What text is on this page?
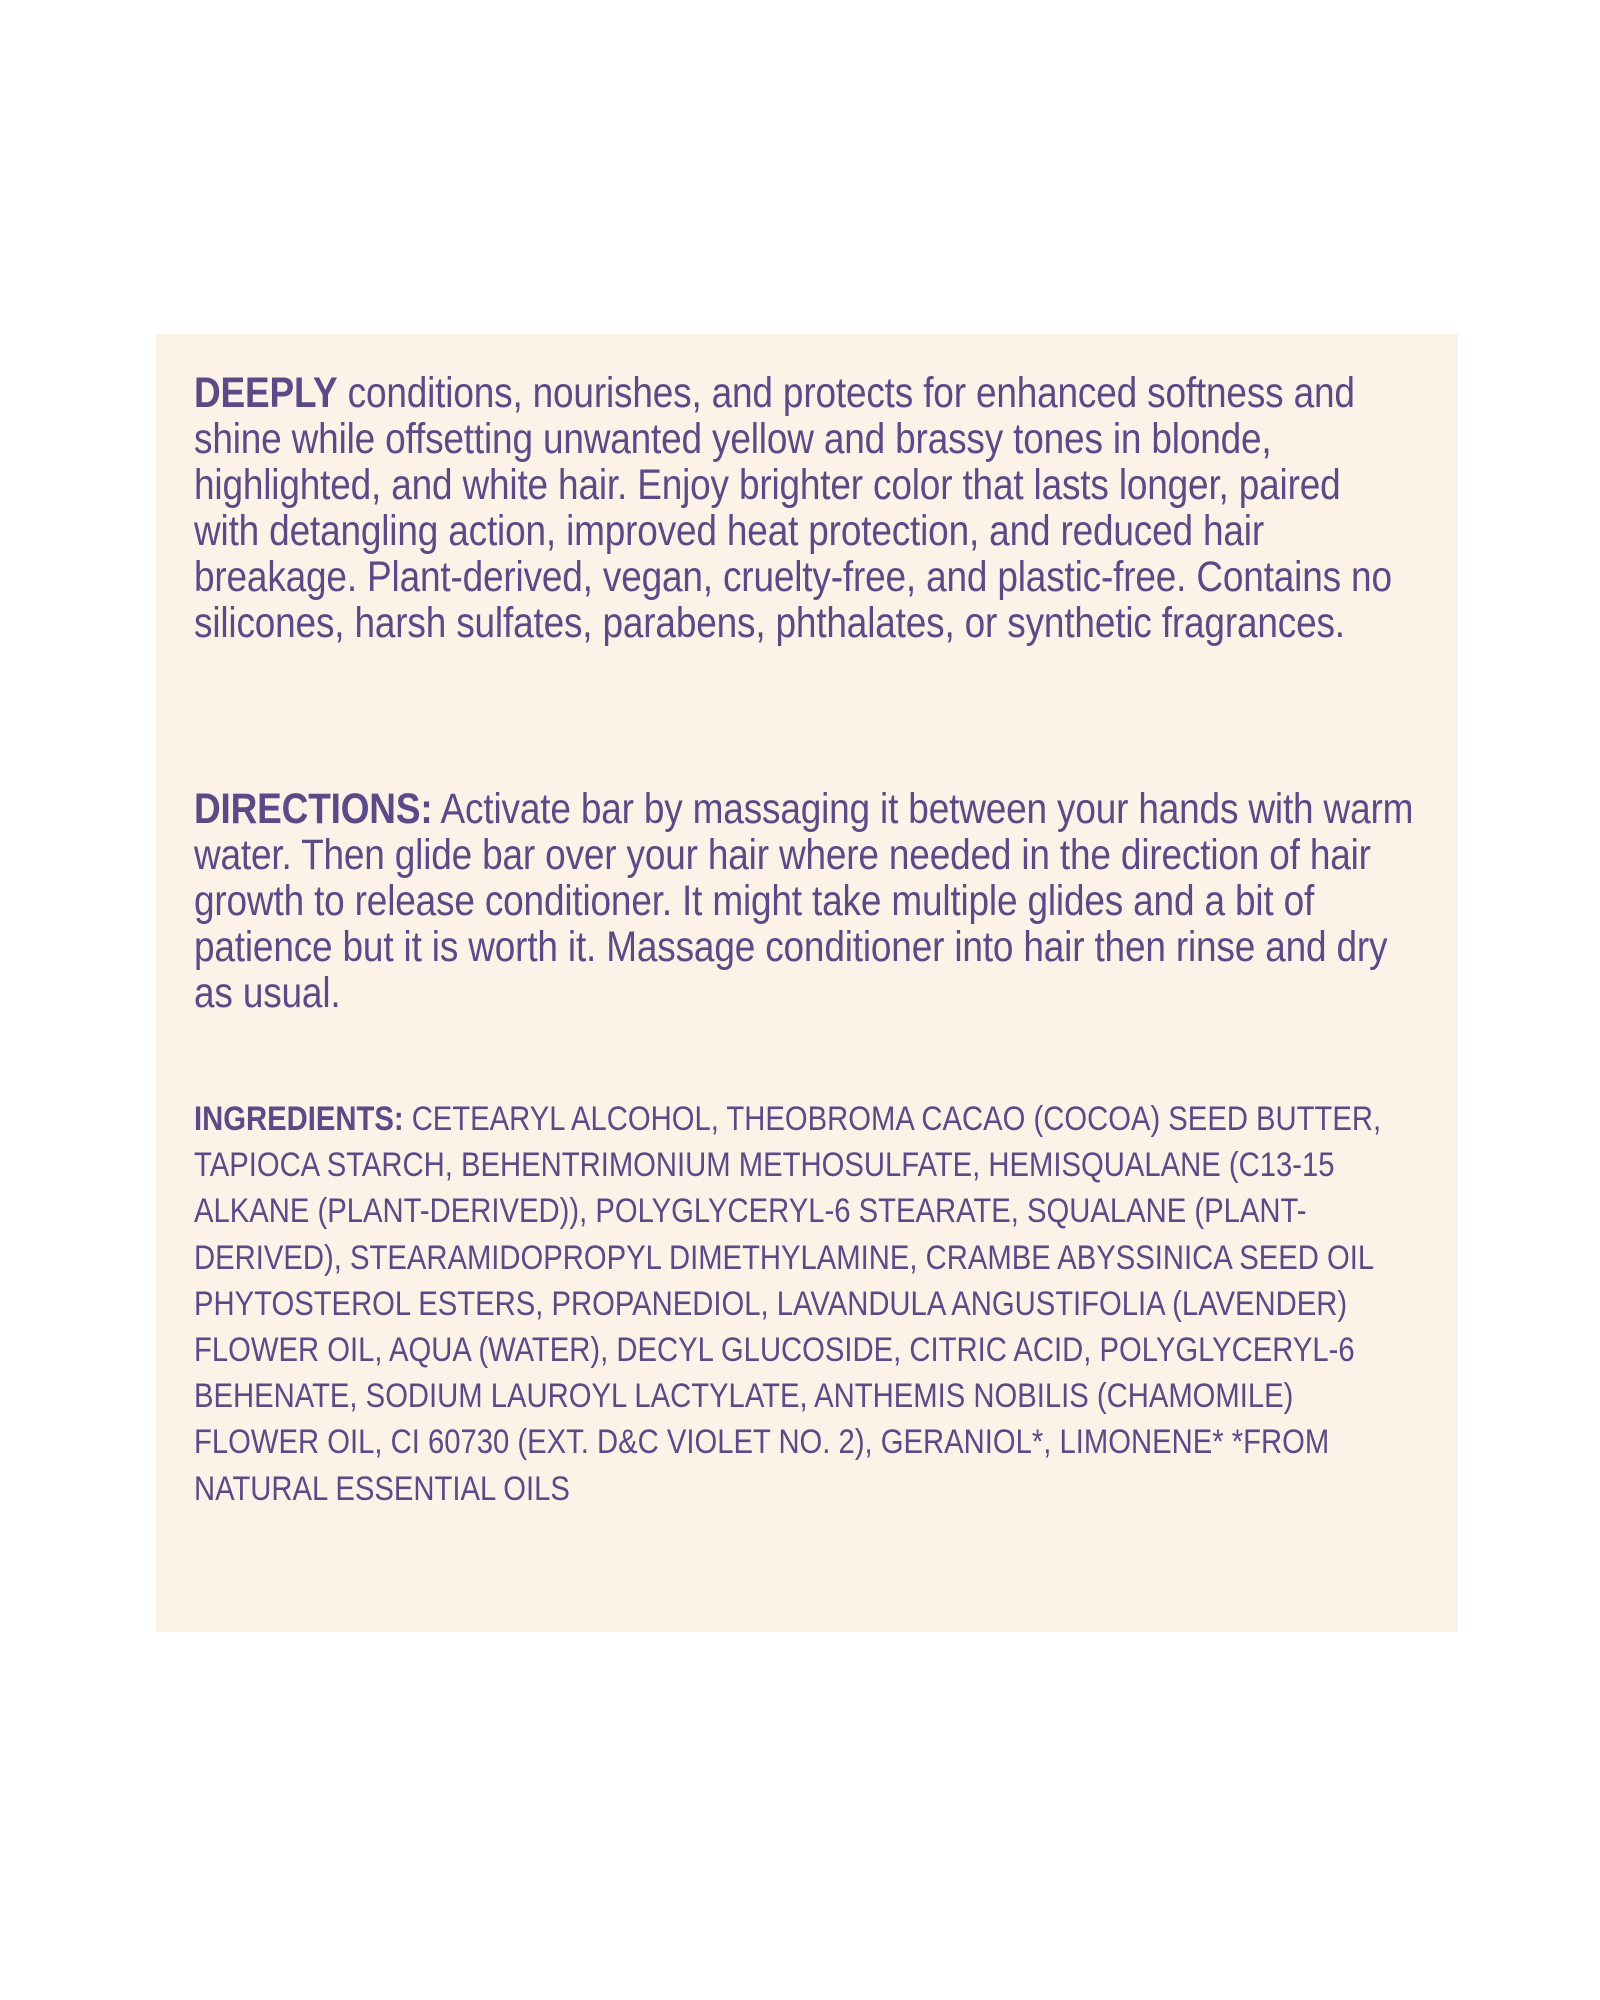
DEEPLY conditions, nourishes, and protects for enhanced softness and shine while offsetting unwanted yellow and brassy tones in blonde, highlighted, and white hair. Enjoy brighter color that lasts longer, paired with detangling action, improved heat protection, and reduced hair breakage. Plant-derived, vegan, cruelty-free, and plastic-free. Contains no silicones, harsh sulfates, parabens, phthalates, or synthetic fragrances.

DIRECTIONS: Activate bar by massaging it between your hands with warm water. Then glide bar over your hair where needed in the direction of hair growth to release conditioner. It might take multiple glides and a bit of patience but it is worth it. Massage conditioner into hair then rinse and dry as usual.

INGREDIENTS: CETEARYL ALCOHOL, THEOBROMA CACAO (COCOA) SEED BUTTER, TAPIOCA STARCH, BEHENTRIMONIUM METHOSULFATE, HEMISQUALANE (C13-15 ALKANE (PLANT-DERIVED)), POLYGLYCERYL-6 STEARATE, SQUALANE (PLANT-DERIVED), STEARAMIDOPROPYL DIMETHYLAMINE, CRAMBE ABYSSINICA SEED OIL PHYTOSTEROL ESTERS, PROPANEDIOL, LAVANDULA ANGUSTIFOLIA (LAVENDER) FLOWER OIL, AQUA (WATER), DECYL GLUCOSIDE, CITRIC ACID, POLYGLYCERYL-6 BEHENATE, SODIUM LAUROYL LACTYLATE, ANTHEMIS NOBILIS (CHAMOMILE) FLOWER OIL, CI 60730 (EXT. D&C VIOLET NO. 2), GERANIOL*, LIMONENE* *FROM NATURAL ESSENTIAL OILS
